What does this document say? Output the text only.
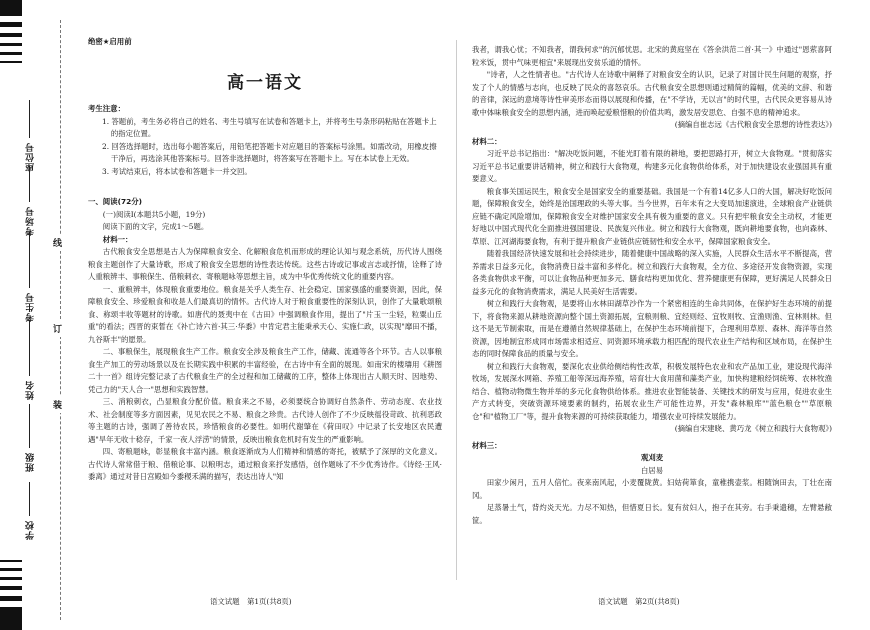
座位号
考场号
考生号
姓名
班级
学校
线
订
装
绝密★启用前
高一语文
考生注意：
1. 答题前，考生务必将自己的姓名、考生号填写在试卷和答题卡上，并将考生号条形码粘贴在答题卡上的指定位置。
2. 回答选择题时，选出每小题答案后，用铅笔把答题卡对应题目的答案标号涂黑。如需改动，用橡皮擦干净后，再选涂其他答案标号。回答非选择题时，将答案写在答题卡上。写在本试卷上无效。
3. 考试结束后，将本试卷和答题卡一并交回。
一、阅读(72分)

(一)阅读Ⅰ(本题共5小题，19分)

阅读下面的文字，完成1～5题。

材料一：

古代粮食安全思想是古人为保障粮食安全、化解粮食危机而形成的理论认知与观念系统，历代诗人围绕粮食主题创作了大量诗歌，形成了粮食安全思想的诗性表达传统。这些古诗或记事或言志或抒情，诠释了诗人重粮辨丰、事粮保生、借粮刺衣、寄粮题咏等思想主旨，成为中华优秀传统文化的重要内容。

一、重粮辨丰，体现粮食重要地位。粮食是关乎人类生存、社会稳定、国家强盛的重要资源，因此，保障粮食安全、珍爱粮食和收是人们最真切的情怀。古代诗人对于粮食重要性的深刻认识，创作了大量歌颂粮食、称颂丰收等题材的诗歌。如唐代的聂夷中在《古田》中强调粮食作用，提出了"片玉一尘轻，粒粟山丘重"的看法；西晋的束皙在《补亡诗六首·其三·华黍》中肯定君主能秉承天心、实施仁政，以实现"靡田不播，九谷斯丰"的愿景。

二、事粮保生，展现粮食生产工作。粮食安全涉及粮食生产工作，储藏、流通等各个环节。古人以事粮食生产加工的劳动场景以及在长期实践中积累的丰富经验，在古诗中有全面的展现。如南宋的楼璹用《耕图二十一首》组诗完整记录了古代粮食生产的全过程和加工储藏的工序，整体上体现出古人顺天时、因地势、凭己力的"天人合一"思想和实践智慧。

三、消粮刺衣，凸显粮食分配价值。粮食来之不易，必须要统合协调好自然条件、劳动态度、农业技术、社会制度等多方面因素，见见农民之不易、粮食之珍贵。古代诗人创作了不少反映徭役苛政、抗利恶政等主题的古诗，强调了善待农民，珍惜粮食的必要性。如明代谢肇在《荷田叹》中记录了长安地区农民遭遇"旱年无收十稔存，千家一夜人浮涝"的情景，反映出粮食危机时有发生的严重影响。

四、寄粮题咏，彰显粮食丰富内涵。粮食逐渐成为人们精神和情感的寄托，被赋予了深厚的文化意义。古代诗人常常借于粮、借粮论事、以粮明志，通过粮食来抒发感悟，创作题咏了不少优秀诗作。《诗经·王风·黍离》通过对昔日宫殿如今黍稷禾满的描写，表达出诗人"知

语文试题　第1页(共8页)

我者，谓我心忧；不知我者，谓我何求"的沉郁忧思。北宋的黄庭坚在《答余洪范二首·其一》中通过"恩萦喜阿粒米饭，贯中气味更相宜"来展现出安贫乐道的情怀。

"诗者，人之性情者也。"古代诗人在诗歌中阐释了对粮食安全的认识，记录了对国计民生问题的观察，抒发了个人的情感与志向，也反映了民众的喜怒哀乐。古代粮食安全思想则通过精简的篇幅，优美的文辞、和谐的音律，深远的意境等诗性审美形态而得以展现和传播，在"不学诗，无以言"的时代里，古代民众更容易从诗歌中体味粮食安全的思想内涵，进而唤起爱粮惜粮的价值共鸣，激发居安思危、自强不息的精神追求。

(摘编自崔志远《古代粮食安全思想的诗性表达》)

材料二：

习近平总书记指出："解决吃饭问题，不能光盯着有限的耕地，要把思路打开，树立大食物观。"贯彻落实习近平总书记重要讲话精神，树立和践行大食物观，构建多元化食物供给体系，对于加快建设农业强国具有重要意义。

粮食事关国运民生，粮食安全是国家安全的重要基础。我国是一个有着14亿多人口的大国，解决好吃饭问题，保障粮食安全，始终是治国理政的头等大事。当今世界，百年未有之大变局加速演进，全球粮食产业链供应链不确定风险增加，保障粮食安全对维护国家安全具有极为重要的意义。只有把牢粮食安全主动权，才能更好地以中国式现代化全面推进强国建设、民族复兴伟业。树立和践行大食物观，既向耕地要食物，也向森林、草原、江河湖海要食物，有利于提升粮食产业链供应链韧性和安全水平，保障国家粮食安全。

随着我国经济快速发展和社会持续进步，随着健康中国战略的深入实施，人民群众生活水平不断提高，营养需求日益多元化，食物消费日益丰富和多样化。树立和践行大食物观，全方位、多途径开发食物资源，实现各类食物供求平衡，可以让食物品种更加多元、膳食结构更加优化、营养健康更有保障，更好满足人民群众日益多元化的食物消费需求，满足人民美好生活需要。

树立和践行大食物观，是要将山水林田湖草沙作为一个紧密相连的生命共同体，在保护好生态环境的前提下，将食物来源从耕地资源向整个国土资源拓展，宜粮则粮、宜经则经、宜牧则牧、宜渔则渔、宜林则林。但这不是无节制索取，而是在遵循自然规律基础上，在保护生态环境前提下，合理利用草原、森林、海洋等自然资源，因地制宜形成同市场需求相适应、同资源环境承载力相匹配的现代农业生产结构和区域布局，在保护生态的同时保障食品的质量与安全。

树立和践行大食物观，要深化农业供给侧结构性改革，积极发展特色农业和农产品加工业，建设现代海洋牧场，发展深水网箱、养殖工船等深远海养殖，培育壮大食用菌和藻类产业，加快构建粮经饲统筹、农林牧渔结合、植物动物微生物并举的多元化食物供给体系。推进农业智能装备、关键技术的研发与应用，促进农业生产方式转变，突破资源环境要素的制约，拓展农业生产可能性边界，开发"森林粮库""蓝色粮仓""草原粮仓"和"植物工厂"等，提升食物来源的可持续获取能力，增强农业可持续发展能力。

(摘编自宋建晓、黄巧龙《树立和践行大食物观》)

材料三：

观刈麦

白居易

田家少闲月，五月人倍忙。夜来南风起，小麦覆陇黄。妇姑荷箪食，童稚携壶浆。相随饷田去，丁壮在南冈。

足蒸暑土气，背灼炎天光。力尽不知热，但惜夏日长。复有贫妇人，抱子在其旁。右手秉遗穗，左臂悬敝筐。

语文试题　第2页(共8页)
